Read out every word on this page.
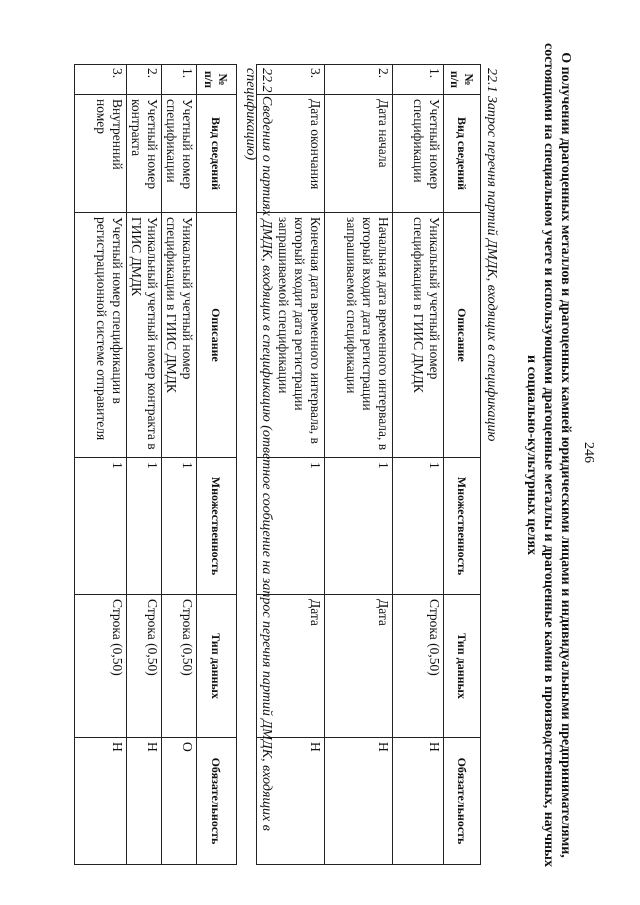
246
О получении драгоценных металлов и драгоценных камней юридическими лицами и индивидуальными предпринимателями, состоящими на специальном учете и использующими драгоценные металлы и драгоценные камни в производственных, научных и социально-культурных целях
22.1 Запрос перечня партий ДМДК, входящих в спецификацию
№ п/п	Вид сведений	Описание	Множественность	Тип данных	Обязательность
1.	Учетный номер спецификации	Уникальный учетный номер спецификации в ГИИС ДМДК	1	Строка (0,50)	Н
2.	Дата начала	Начальная дата временного интервала, в который входит дата регистрации запрашиваемой спецификации	1	Дата	Н
3.	Дата окончания	Конечная дата временного интервала, в который входит дата регистрации запрашиваемой спецификации	1	Дата	Н
22.2 Сведения о партиях ДМДК, входящих в спецификацию (ответное сообщение на запрос перечня партий ДМДК, входящих в спецификацию)
№ п/п	Вид сведений	Описание	Множественность	Тип данных	Обязательность
1.	Учетный номер спецификации	Уникальный учетный номер спецификации в ГИИС ДМДК	1	Строка (0,50)	О
2.	Учетный номер контракта	Уникальный учетный номер контракта в ГИИС ДМДК	1	Строка (0,50)	Н
3.	Внутренний номер	Учетный номер спецификации в регистрационной системе отправителя	1	Строка (0,50)	Н
